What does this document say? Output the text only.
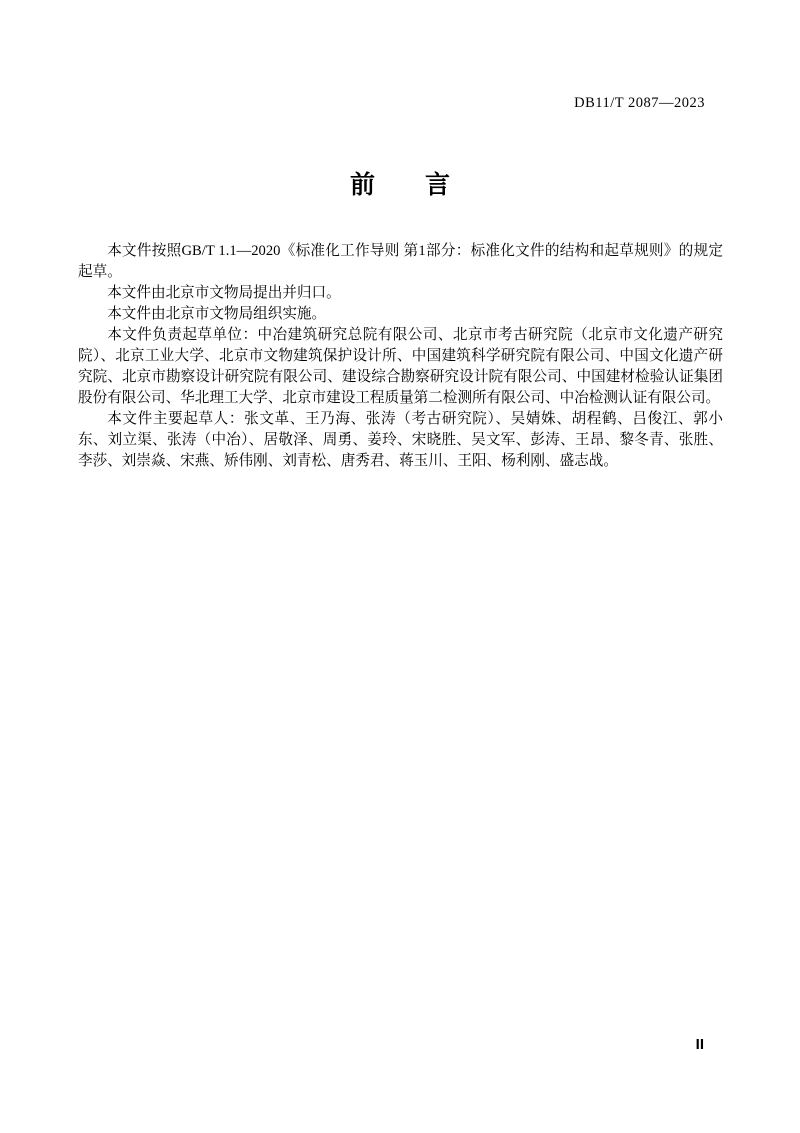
DB11/T 2087—2023
前　　言

本文件按照GB/T 1.1—2020《标准化工作导则 第1部分：标准化文件的结构和起草规则》的规定起草。

本文件由北京市文物局提出并归口。

本文件由北京市文物局组织实施。

本文件负责起草单位：中冶建筑研究总院有限公司、北京市考古研究院（北京市文化遗产研究院）、北京工业大学、北京市文物建筑保护设计所、中国建筑科学研究院有限公司、中国文化遗产研究院、北京市勘察设计研究院有限公司、建设综合勘察研究设计院有限公司、中国建材检验认证集团股份有限公司、华北理工大学、北京市建设工程质量第二检测所有限公司、中冶检测认证有限公司。

本文件主要起草人：张文革、王乃海、张涛（考古研究院）、吴婧姝、胡程鹤、吕俊江、郭小东、刘立渠、张涛（中冶）、居敬泽、周勇、姜玲、宋晓胜、吴文军、彭涛、王昂、黎冬青、张胜、李莎、刘崇焱、宋燕、矫伟刚、刘青松、唐秀君、蒋玉川、王阳、杨利刚、盛志战。

II
